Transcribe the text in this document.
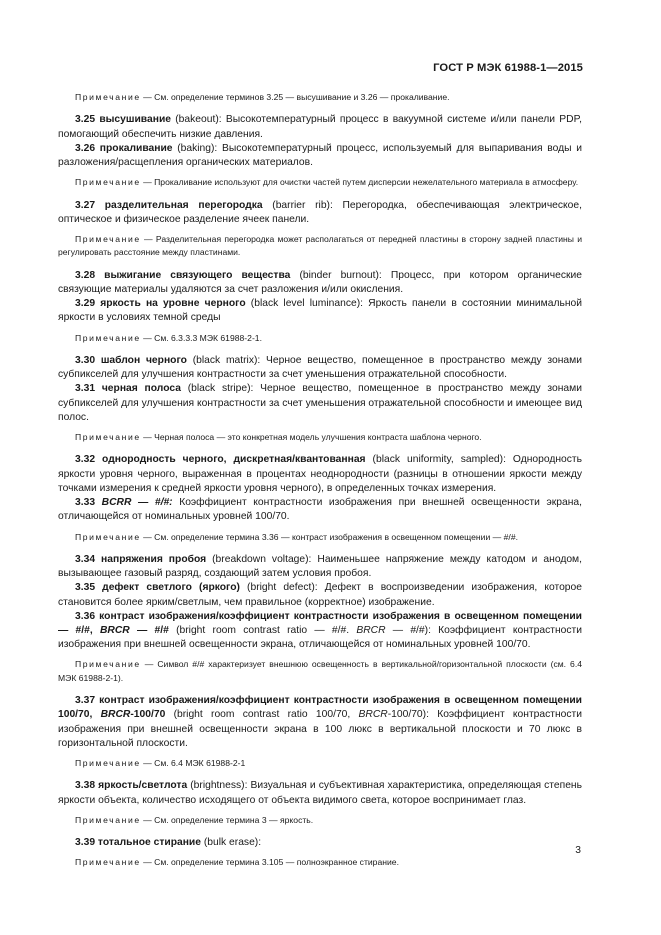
ГОСТ Р МЭК 61988-1—2015

Примечание — См. определение терминов 3.25 — высушивание и 3.26 — прокаливание.

3.25 высушивание (bakeout): Высокотемпературный процесс в вакуумной системе и/или панели PDP, помогающий обеспечить низкие давления.

3.26 прокаливание (baking): Высокотемпературный процесс, используемый для выпаривания воды и разложения/расщепления органических материалов.

Примечание — Прокаливание используют для очистки частей путем дисперсии нежелательного материала в атмосферу.

3.27 разделительная перегородка (barrier rib): Перегородка, обеспечивающая электрическое, оптическое и физическое разделение ячеек панели.

Примечание — Разделительная перегородка может располагаться от передней пластины в сторону задней пластины и регулировать расстояние между пластинами.

3.28 выжигание связующего вещества (binder burnout): Процесс, при котором органические связующие материалы удаляются за счет разложения и/или окисления.

3.29 яркость на уровне черного (black level luminance): Яркость панели в состоянии минимальной яркости в условиях темной среды

Примечание — См. 6.3.3.3 МЭК 61988-2-1.

3.30 шаблон черного (black matrix): Черное вещество, помещенное в пространство между зонами субпикселей для улучшения контрастности за счет уменьшения отражательной способности.

3.31 черная полоса (black stripe): Черное вещество, помещенное в пространство между зонами субпикселей для улучшения контрастности за счет уменьшения отражательной способности и имеющее вид полос.

Примечание — Черная полоса — это конкретная модель улучшения контраста шаблона черного.

3.32 однородность черного, дискретная/квантованная (black uniformity, sampled): Однородность яркости уровня черного, выраженная в процентах неоднородности (разницы в отношении яркости между точками измерения к средней яркости уровня черного), в определенных точках измерения.

3.33 BCRR — #/#: Коэффициент контрастности изображения при внешней освещенности экрана, отличающейся от номинальных уровней 100/70.

Примечание — См. определение термина 3.36 — контраст изображения в освещенном помещении — #/#.

3.34 напряжения пробоя (breakdown voltage): Наименьшее напряжение между катодом и анодом, вызывающее газовый разряд, создающий затем условия пробоя.

3.35 дефект светлого (яркого) (bright defect): Дефект в воспроизведении изображения, которое становится более ярким/светлым, чем правильное (корректное) изображение.

3.36 контраст изображения/коэффициент контрастности изображения в освещенном помещении — #/#, BRCR — #/# (bright room contrast ratio — #/#. BRCR — #/#): Коэффициент контрастности изображения при внешней освещенности экрана, отличающейся от номинальных уровней 100/70.

Примечание — Символ #/# характеризует внешнюю освещенность в вертикальной/горизонтальной плоскости (см. 6.4 МЭК 61988-2-1).

3.37 контраст изображения/коэффициент контрастности изображения в освещенном помещении 100/70, BRCR-100/70 (bright room contrast ratio 100/70, BRCR-100/70): Коэффициент контрастности изображения при внешней освещенности экрана в 100 люкс в вертикальной плоскости и 70 люкс в горизонтальной плоскости.

Примечание — См. 6.4 МЭК 61988-2-1

3.38 яркость/светлота (brightness): Визуальная и субъективная характеристика, определяющая степень яркости объекта, количество исходящего от объекта видимого света, которое воспринимает глаз.

Примечание — См. определение термина 3 — яркость.

3.39 тотальное стирание (bulk erase):

Примечание — См. определение термина 3.105 — полноэкранное стирание.

3
